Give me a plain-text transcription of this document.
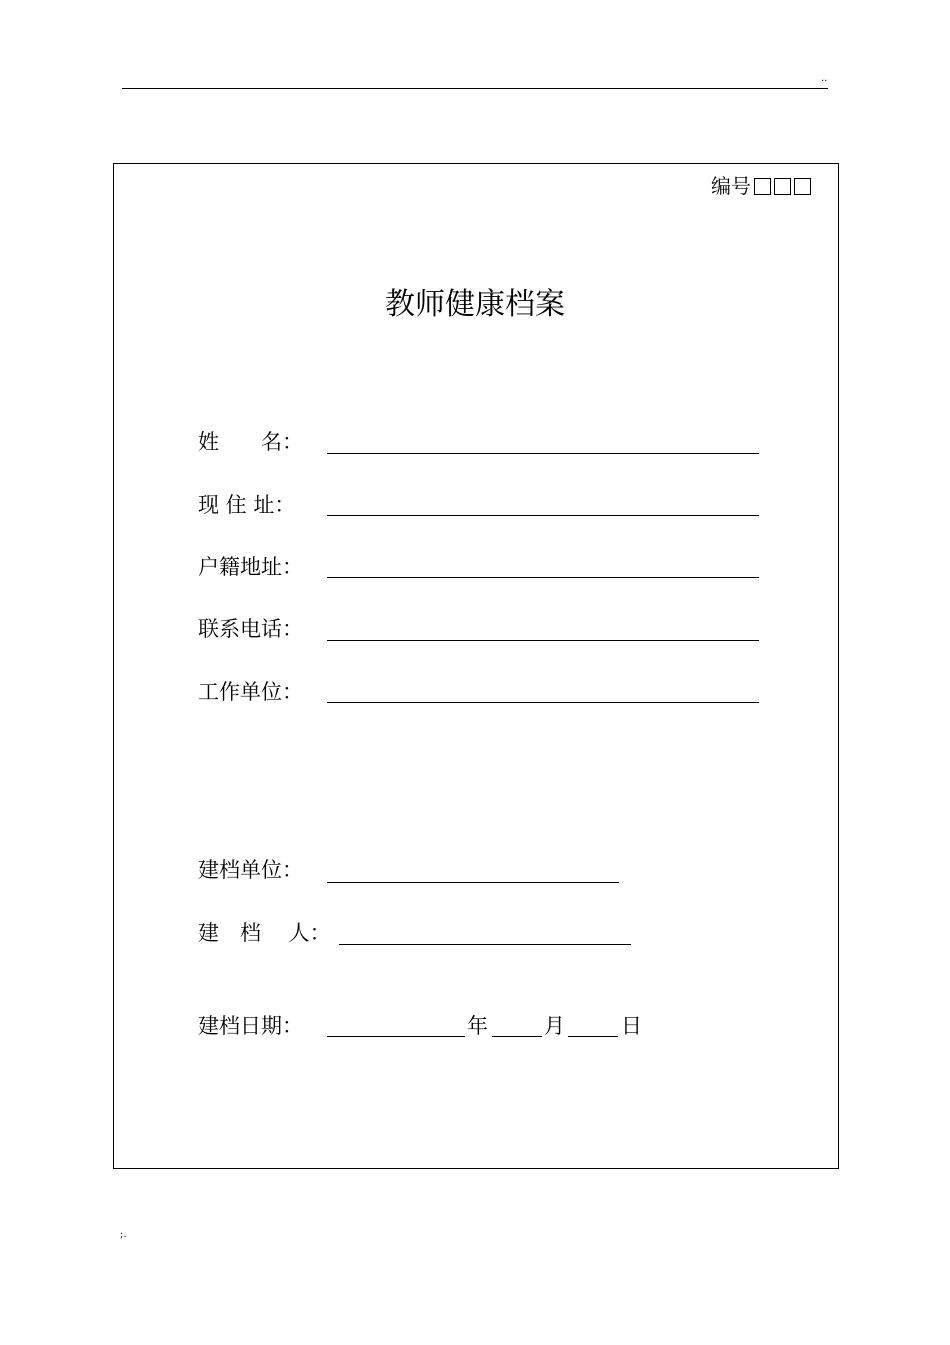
..
编号
教师健康档案
姓　　名：
现 住 址：
户籍地址：
联系电话：
工作单位：
建档单位：
建　档　 人：
建档日期：	年	月	日
;.
